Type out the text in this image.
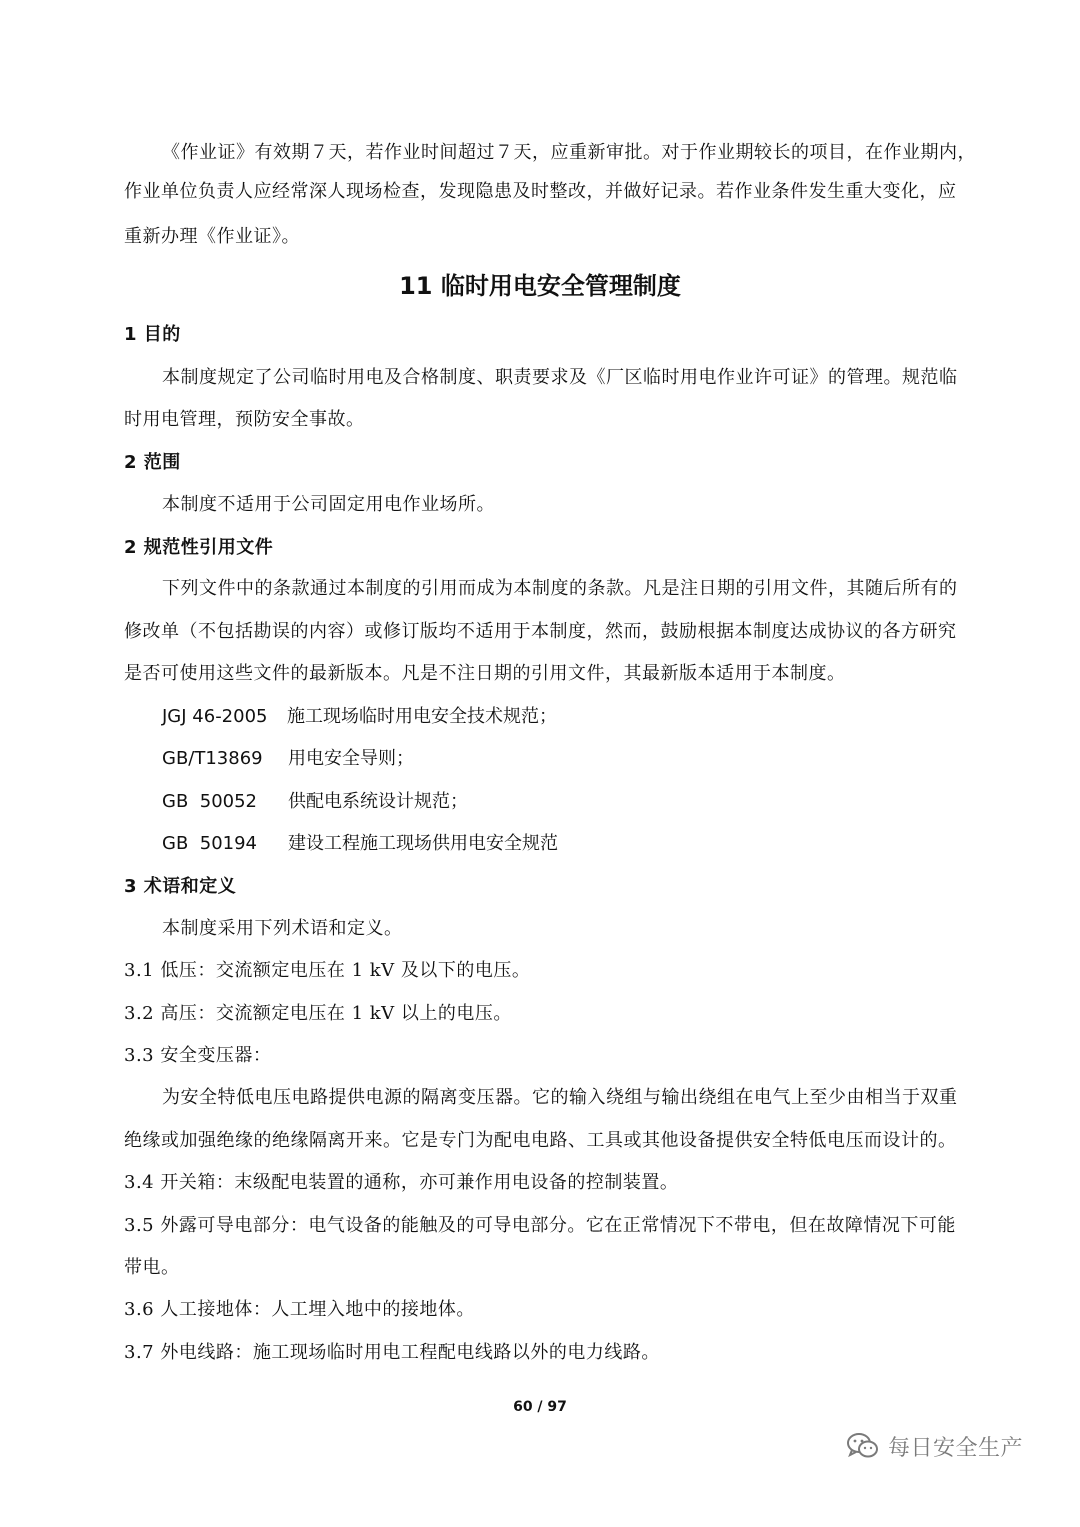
《作业证》有效期７天，若作业时间超过７天，应重新审批。对于作业期较长的项目，在作业期内，
作业单位负责人应经常深人现场检查，发现隐患及时整改，并做好记录。若作业条件发生重大变化，应
重新办理《作业证》。
11 临时用电安全管理制度
1 目的
本制度规定了公司临时用电及合格制度、职责要求及《厂区临时用电作业许可证》的管理。规范临
时用电管理，预防安全事故。
2 范围
本制度不适用于公司固定用电作业场所。
2 规范性引用文件
下列文件中的条款通过本制度的引用而成为本制度的条款。凡是注日期的引用文件，其随后所有的
修改单（不包括勘误的内容）或修订版均不适用于本制度，然而，鼓励根据本制度达成协议的各方研究
是否可使用这些文件的最新版本。凡是不注日期的引用文件，其最新版本适用于本制度。
JGJ 46-2005 施工现场临时用电安全技术规范；
GB/T13869 用电安全导则；
GB  50052 供配电系统设计规范；
GB  50194 建设工程施工现场供用电安全规范
3 术语和定义
本制度采用下列术语和定义。
3.1 低压：交流额定电压在 1 kV 及以下的电压。
3.2 高压：交流额定电压在 1 kV 以上的电压。
3.3 安全变压器：
为安全特低电压电路提供电源的隔离变压器。它的输入绕组与输出绕组在电气上至少由相当于双重
绝缘或加强绝缘的绝缘隔离开来。它是专门为配电电路、工具或其他设备提供安全特低电压而设计的。
3.4 开关箱：末级配电装置的通称，亦可兼作用电设备的控制装置。
3.5 外露可导电部分：电气设备的能触及的可导电部分。它在正常情况下不带电，但在故障情况下可能
带电。
3.6 人工接地体：人工埋入地中的接地体。
3.7 外电线路：施工现场临时用电工程配电线路以外的电力线路。
60 / 97
每日安全生产
